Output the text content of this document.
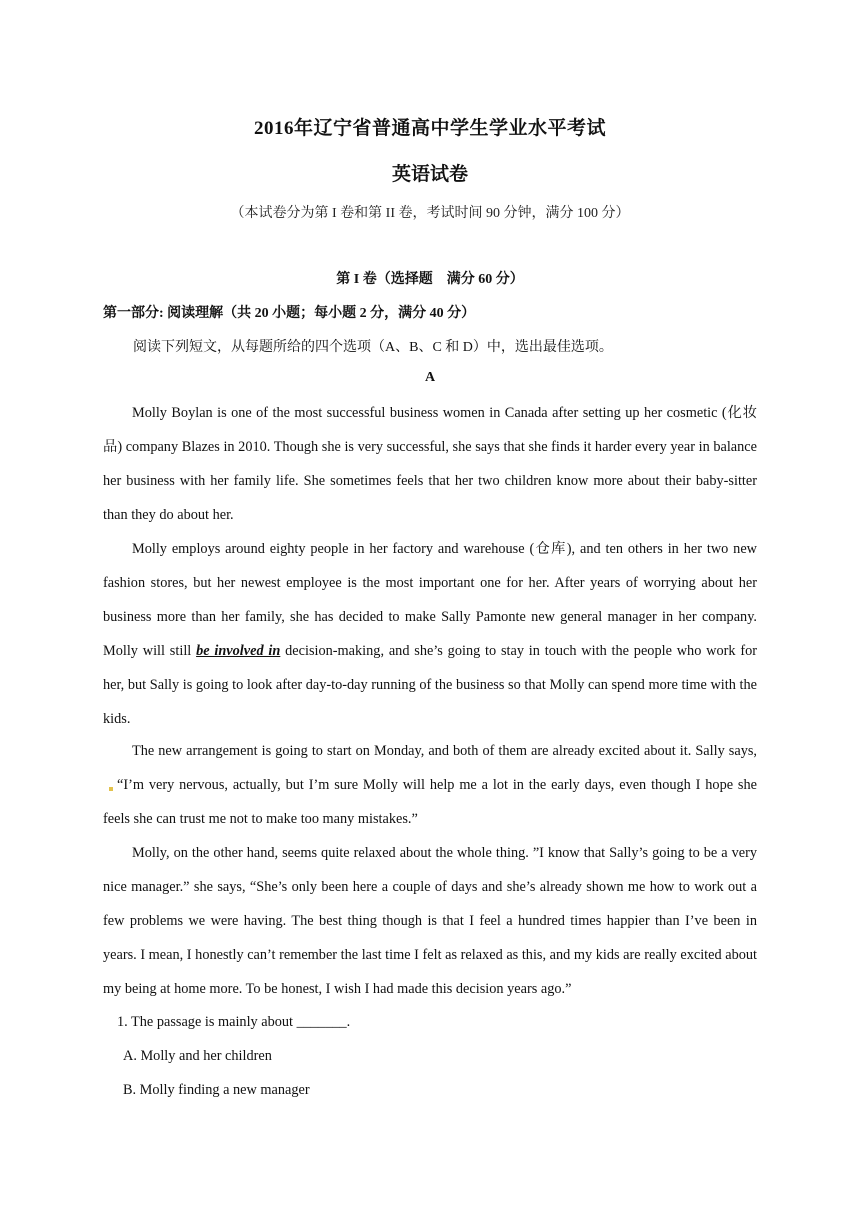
2016年辽宁省普通高中学生学业水平考试
英语试卷
（本试卷分为第 I 卷和第 II 卷，考试时间 90 分钟，满分 100 分）
第 I 卷（选择题　满分 60 分）
第一部分: 阅读理解（共 20 小题；每小题 2 分，满分 40 分）
阅读下列短文，从每题所给的四个选项（A、B、C 和 D）中，选出最佳选项。
A

Molly Boylan is one of the most successful business women in Canada after setting up her cosmetic (化妆品) company Blazes in 2010. Though she is very successful, she says that she finds it harder every year in balance her business with her family life. She sometimes feels that her two children know more about their baby-sitter than they do about her.

Molly employs around eighty people in her factory and warehouse (仓库), and ten others in her two new fashion stores, but her newest employee is the most important one for her. After years of worrying about her business more than her family, she has decided to make Sally Pamonte new general manager in her company. Molly will still be involved in decision-making, and she’s going to stay in touch with the people who work for her, but Sally is going to look after day-to-day running of the business so that Molly can spend more time with the kids.

The new arrangement is going to start on Monday, and both of them are already excited about it. Sally says,“I’m very nervous, actually, but I’m sure Molly will help me a lot in the early days, even though I hope she feels she can trust me not to make too many mistakes.”

Molly, on the other hand, seems quite relaxed about the whole thing. ”I know that Sally’s going to be a very nice manager.” she says, “She’s only been here a couple of days and she’s already shown me how to work out a few problems we were having. The best thing though is that I feel a hundred times happier than I’ve been in years. I mean, I honestly can’t remember the last time I felt as relaxed as this, and my kids are really excited about my being at home more. To be honest, I wish I had made this decision years ago.”

1. The passage is mainly about _______.
A. Molly and her children
B. Molly finding a new manager
